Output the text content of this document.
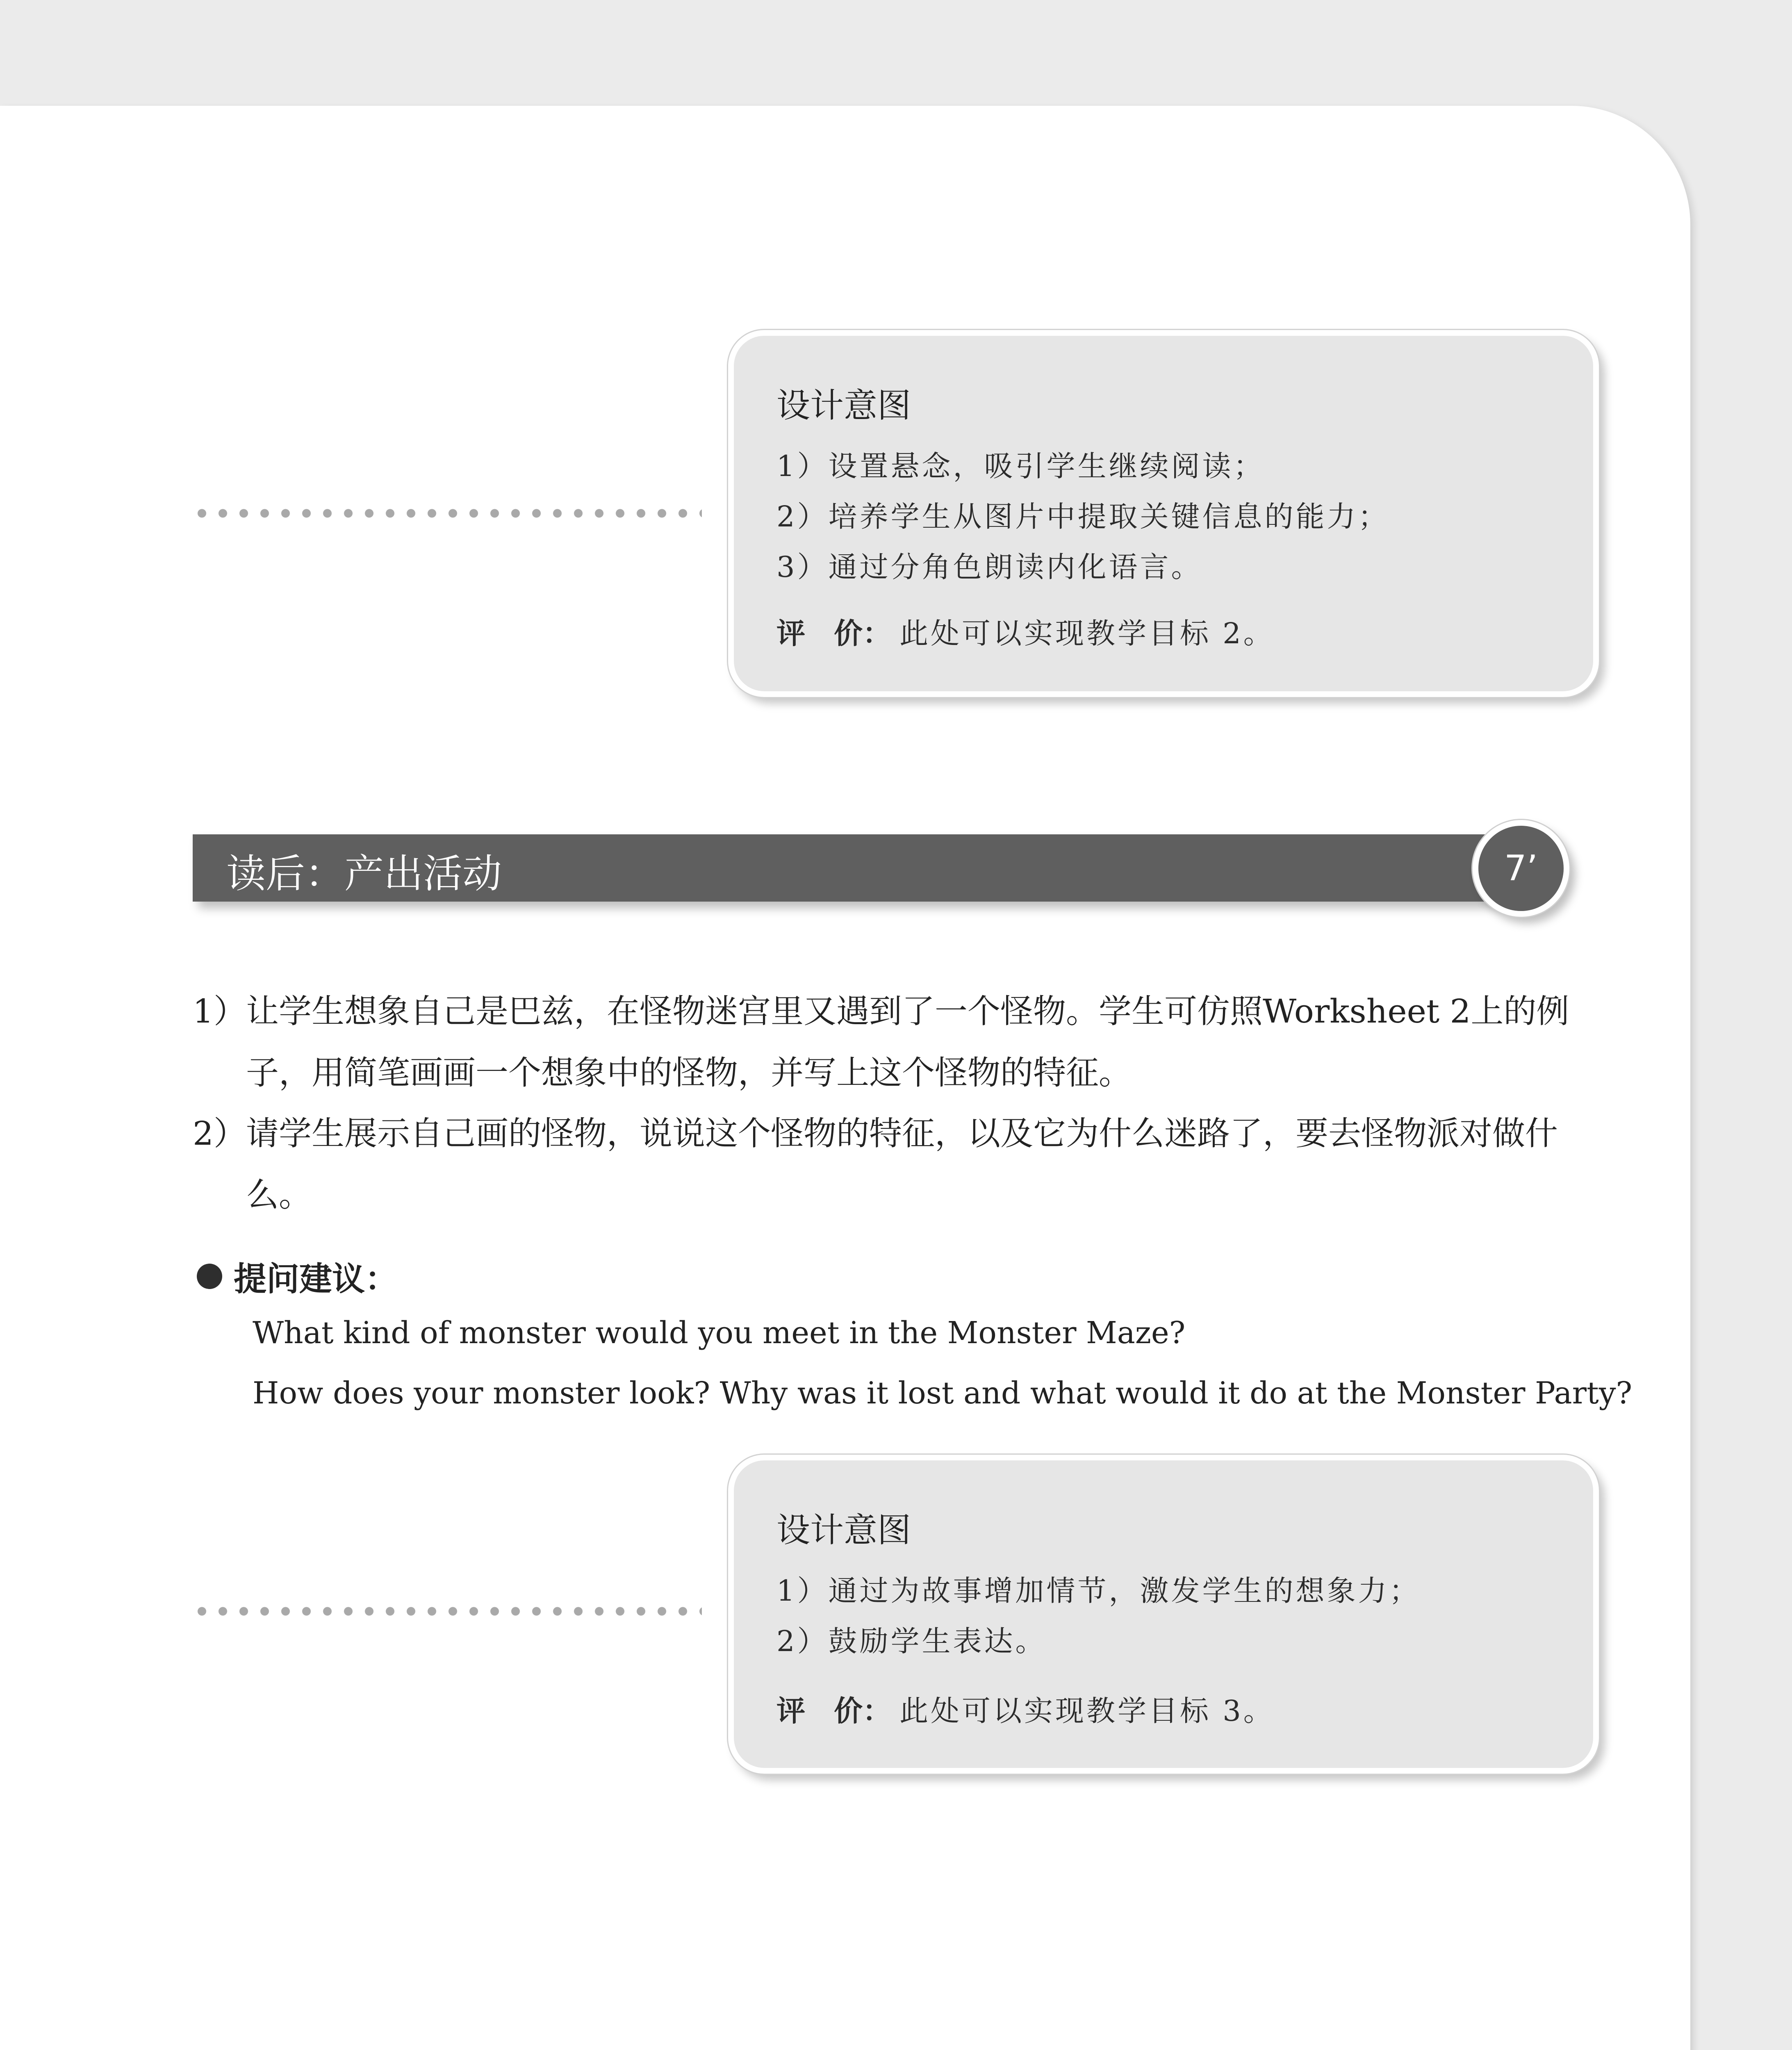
设计意图
1）设置悬念，吸引学生继续阅读；
2）培养学生从图片中提取关键信息的能力；
3）通过分角色朗读内化语言。
评　价： 此处可以实现教学目标 2。
读后：产出活动	7’
1） 让学生想象自己是巴兹，在怪物迷宫里又遇到了一个怪物。学生可仿照Worksheet 2上的例子，用简笔画画一个想象中的怪物，并写上这个怪物的特征。
2） 请学生展示自己画的怪物，说说这个怪物的特征，以及它为什么迷路了，要去怪物派对做什么。
提问建议：
What kind of monster would you meet in the Monster Maze?
How does your monster look? Why was it lost and what would it do at the Monster Party?
设计意图
1）通过为故事增加情节，激发学生的想象力；
2）鼓励学生表达。
评　价： 此处可以实现教学目标 3。
